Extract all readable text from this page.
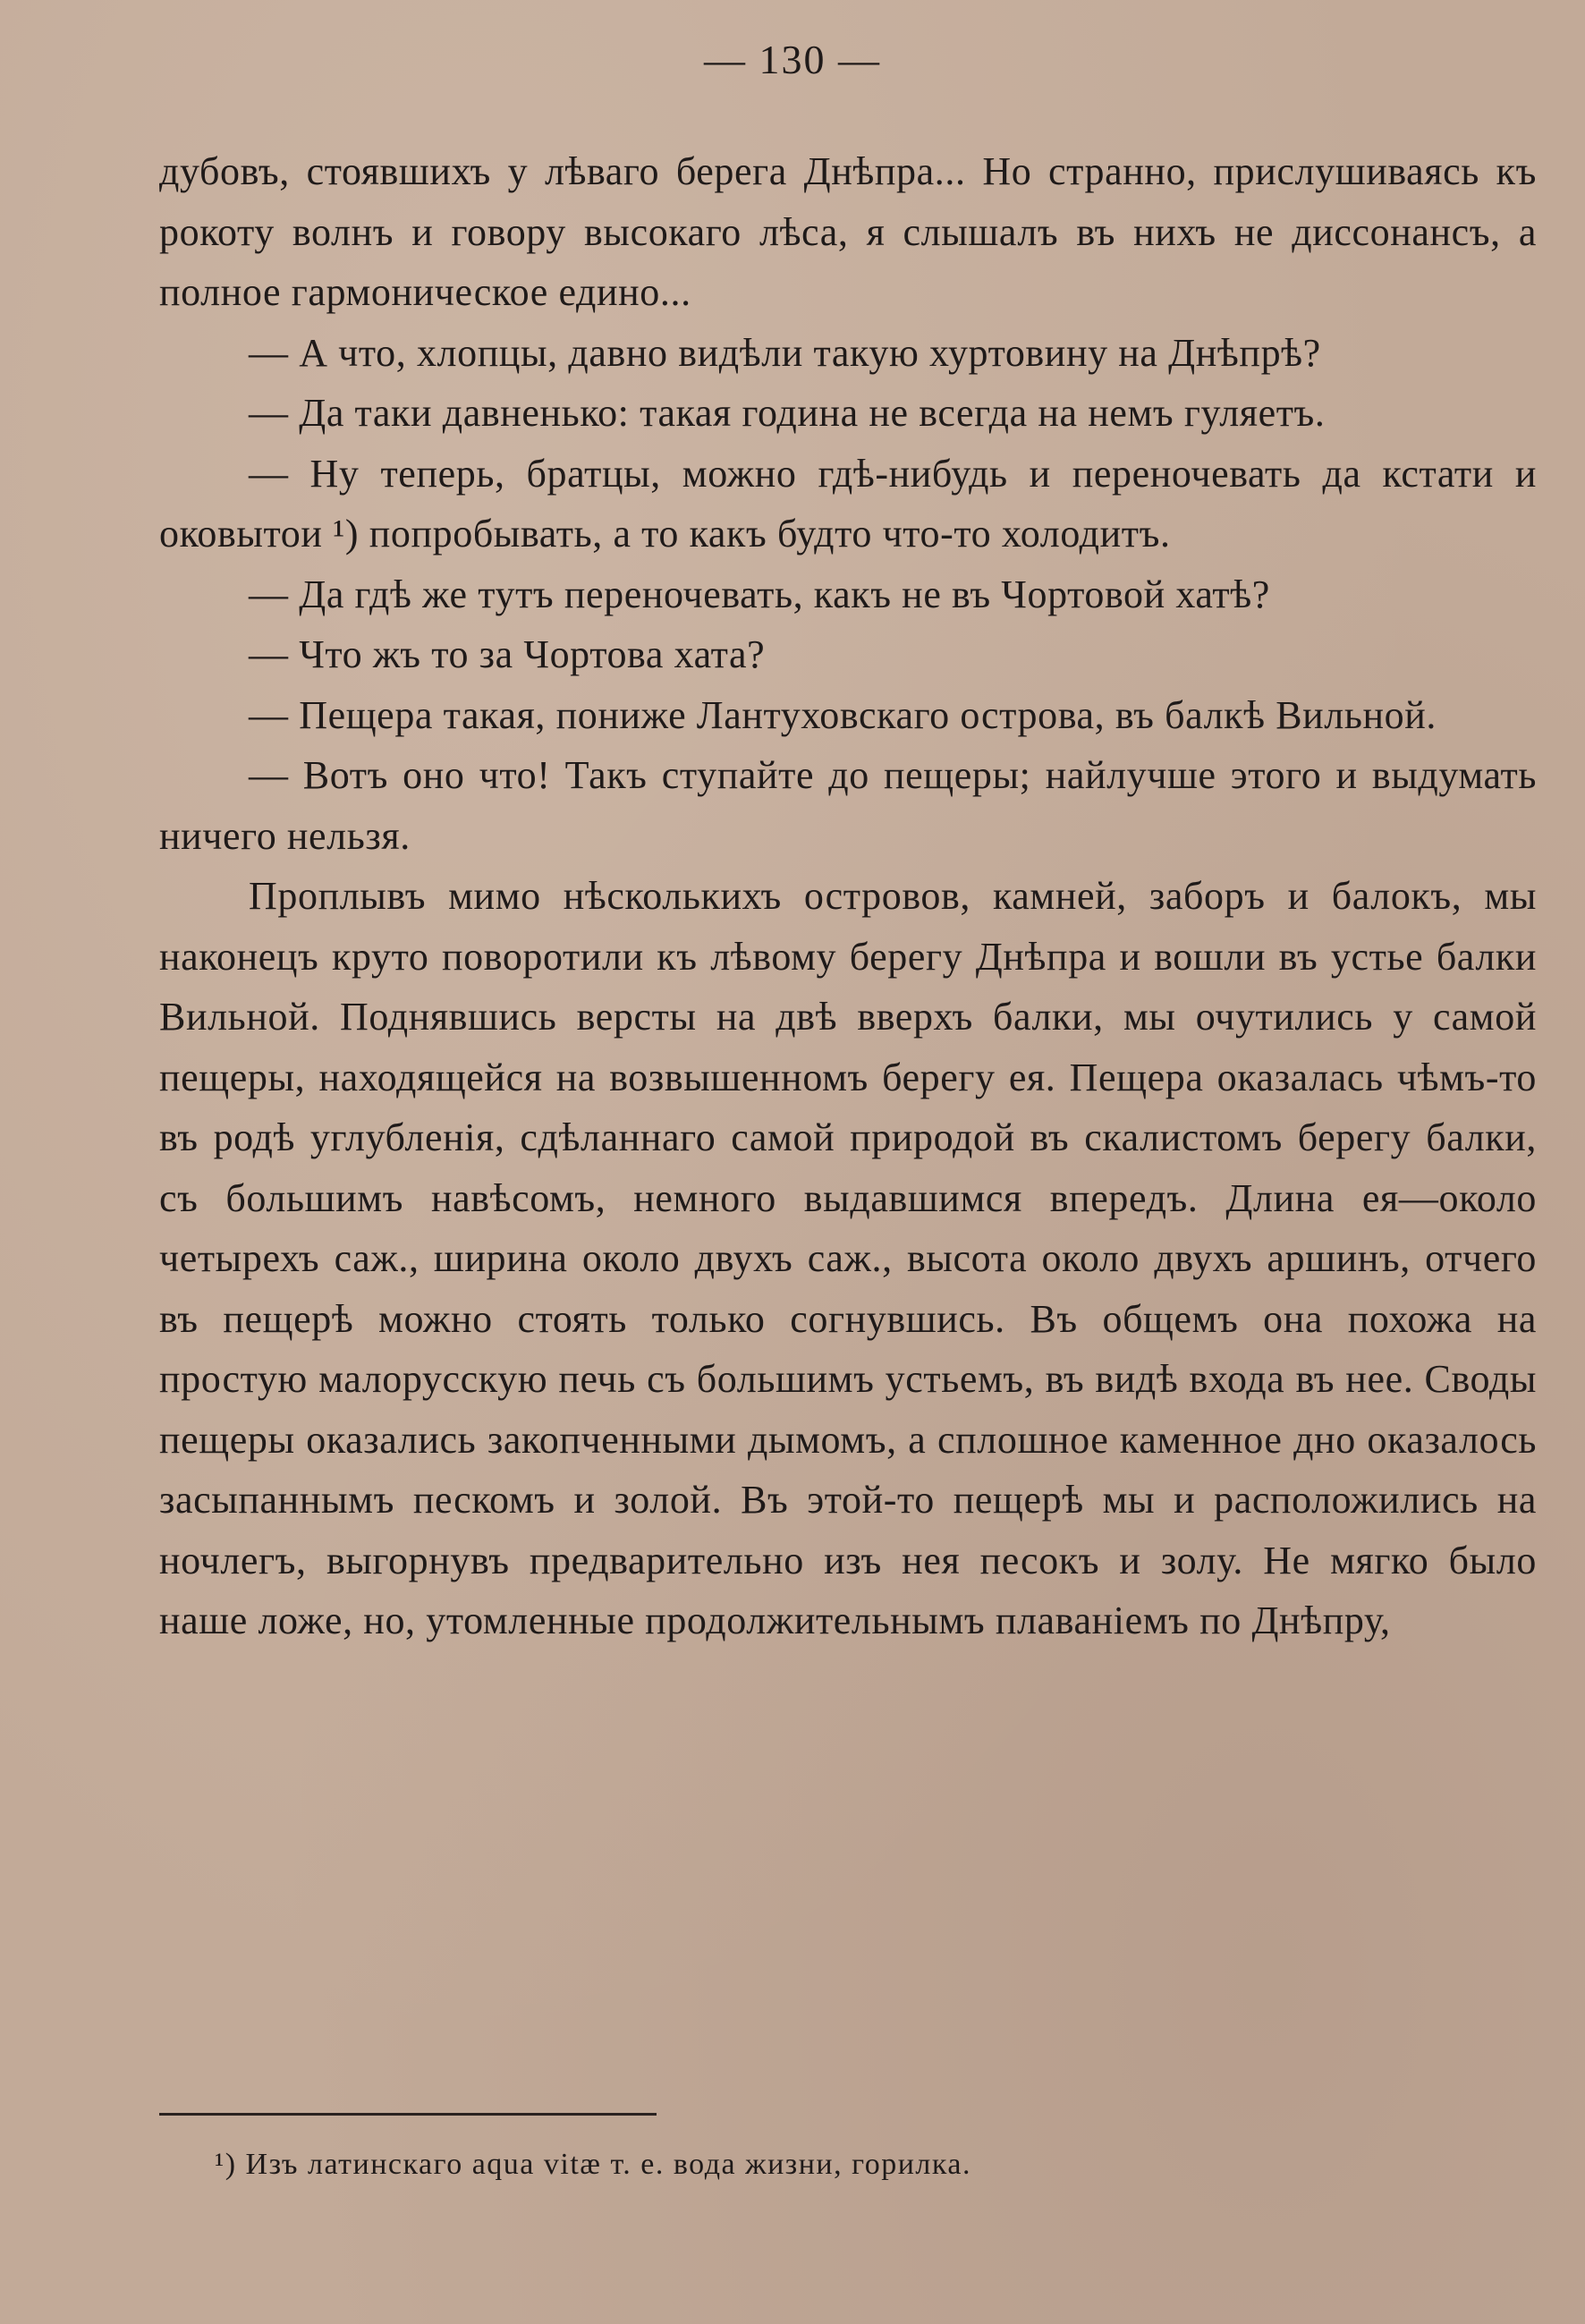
— 130 —

дубовъ, стоявшихъ у лѣваго берега Днѣпра... Но странно, прислушиваясь къ рокоту волнъ и говору высокаго лѣса, я слышалъ въ нихъ не диссонансъ, а полное гармоническое едино...

— А что, хлопцы, давно видѣли такую хуртовину на Днѣпрѣ?

— Да таки давненько: такая година не всегда на немъ гуляетъ.

— Ну теперь, братцы, можно гдѣ-нибудь и переночевать да кстати и оковытои ¹) попробывать, а то какъ будто что-то холодитъ.

— Да гдѣ же тутъ переночевать, какъ не въ Чортовой хатѣ?

— Что жъ то за Чортова хата?

— Пещера такая, пониже Лантуховскаго острова, въ балкѣ Вильной.

— Вотъ оно что! Такъ ступайте до пещеры; найлучше этого и выдумать ничего нельзя.

Проплывъ мимо нѣсколькихъ островов, камней, заборъ и балокъ, мы наконецъ круто поворотили къ лѣвому берегу Днѣпра и вошли въ устье балки Вильной. Поднявшись версты на двѣ вверхъ балки, мы очутились у самой пещеры, находящейся на возвышенномъ берегу ея. Пещера оказалась чѣмъ-то въ родѣ углубленія, сдѣланнаго самой природой въ скалистомъ берегу балки, съ большимъ навѣсомъ, немного выдавшимся впередъ. Длина ея—около четырехъ саж., ширина около двухъ саж., высота около двухъ аршинъ, отчего въ пещерѣ можно стоять только согнувшись. Въ общемъ она похожа на простую малорусскую печь съ большимъ устьемъ, въ видѣ входа въ нее. Своды пещеры оказались закопченными дымомъ, а сплошное каменное дно оказалось засыпаннымъ пескомъ и золой. Въ этой-то пещерѣ мы и расположились на ночлегъ, выгорнувъ предварительно изъ нея песокъ и золу. Не мягко было наше ложе, но, утомленные продолжительнымъ плаваніемъ по Днѣпру,

¹) Изъ латинскаго aqua vitæ т. е. вода жизни, горилка.
